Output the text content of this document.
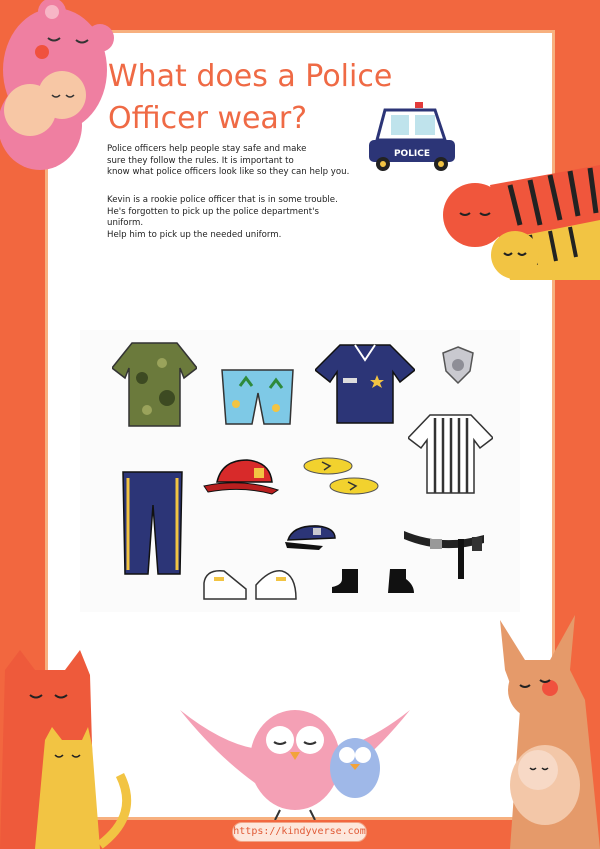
What does a Police Officer wear?
Police officers help people stay safe and make
sure they follow the rules. It is important to
know what police officers look like so they can help you.
Kevin is a rookie police officer that is in some trouble.
He's forgotten to pick up the police department's uniform.
Help him to pick up the needed uniform.
POLICE
https://kindyverse.com
